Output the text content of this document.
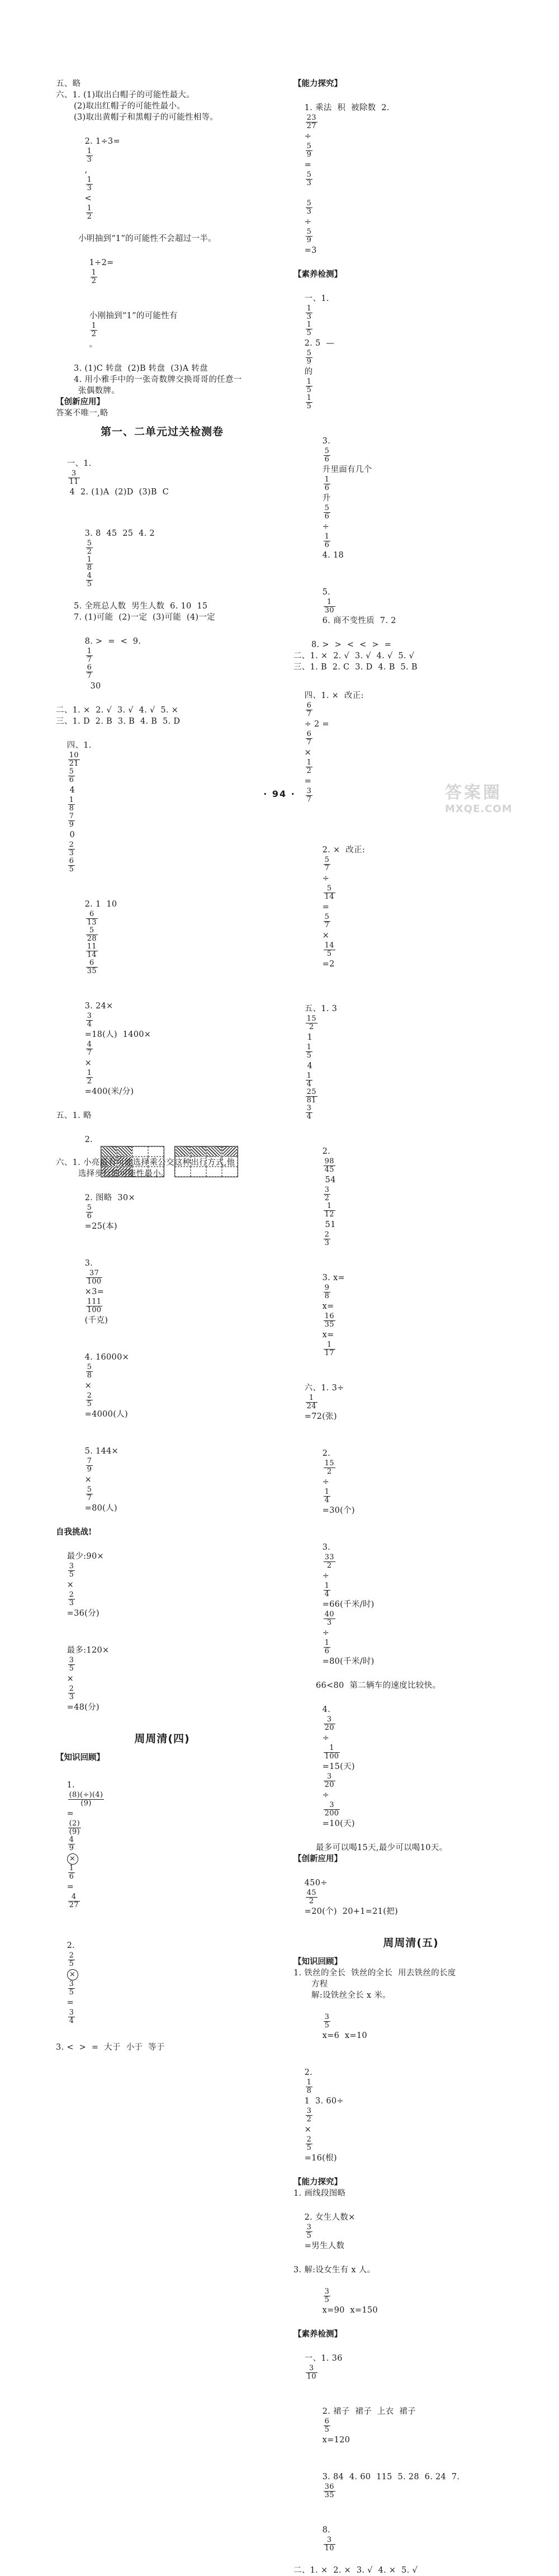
五、略
六、1. (1)取出白帽子的可能性最大。
(2)取出红帽子的可能性最小。
(3)取出黄帽子和黑帽子的可能性相等。

2. 1÷3=

$\frac{1}{3}$

,

$\frac{1}{3}$

<

$\frac{1}{2}$

小明抽到“1”的可能性不会超过一半。

1÷2=

$\frac{1}{2}$

小刚抽到“1”的可能性有

$\frac{1}{2}$

。

3. (1)C 转盘  (2)B 转盘  (3)A 转盘
4. 用小雅手中的一张奇数牌交换哥哥的任意一
张偶数牌。
【创新应用】
答案不唯一,略
第一、二单元过关检测卷

一、1.

$\frac{3}{11}$

4  2. (1)A  (2)D  (3)B  C

3. 8  45  25  4. 2

$\frac{5}{2}$

$\frac{1}{8}$

$\frac{4}{5}$

5. 全班总人数  男生人数  6. 10  15
7. (1)可能  (2)一定  (3)可能  (4)一定

8. >  =  <  9.

$\frac{1}{7}$

$\frac{6}{7}$

30

二、1. ×  2. √  3. √  4. √  5. ×
三、1. D  2. B  3. B  4. B  5. D

四、1.

$\frac{10}{21}$

$\frac{5}{6}$

4

$\frac{1}{8}$

$\frac{7}{9}$

0

$\frac{2}{3}$

$\frac{6}{5}$

2. 1  10

$\frac{6}{13}$

$\frac{5}{28}$

$\frac{11}{14}$

$\frac{6}{35}$

3. 24×

$\frac{3}{4}$

=18(人)  1400×

$\frac{4}{7}$

×

$\frac{1}{2}$

=400(米/分)

五、1. 略

2.

六、1. 小亮最有可能选择乘公交这种出行方式,他
选择步行的可能性最小。

2. 图略  30×

$\frac{5}{6}$

=25(本)

3.

$\frac{37}{100}$

×3=

$\frac{111}{100}$

(千克)

4. 16000×

$\frac{5}{8}$

×

$\frac{2}{5}$

=4000(人)

5. 144×

$\frac{7}{9}$

×

$\frac{5}{7}$

=80(人)

自我挑战!

最少:90×

$\frac{3}{5}$

×

$\frac{2}{3}$

=36(分)

最多:120×

$\frac{3}{5}$

×

$\frac{2}{3}$

=48(分)

周周清(四)
【知识回顾】

1.

$\frac{(8)(\div)(4)}{(9)}$

=

$\frac{(2)}{(9)}$

$\frac{4}{9}$

×

$\frac{1}{6}$

=

$\frac{4}{27}$

2.

$\frac{2}{5}$

×

$\frac{3}{5}$

=

$\frac{3}{4}$

3. <  >  =  大于  小于  等于
【能力探究】

1. 乘法  积  被除数  2.

$\frac{23}{27}$

÷

$\frac{5}{9}$

=

$\frac{5}{3}$

$\frac{5}{3}$

÷

$\frac{5}{9}$

=3

【素养检测】

一、1.

$\frac{1}{3}$

$\frac{1}{5}$

2. 5  —

$\frac{5}{9}$

的

$\frac{1}{5}$

$\frac{1}{5}$

3.

$\frac{5}{6}$

升里面有几个

$\frac{1}{6}$

升

$\frac{5}{6}$

÷

$\frac{1}{6}$

4. 18

5.

$\frac{1}{30}$

6. 商不变性质  7. 2

8. >  >  <  <  >  =
二、1. ×  2. √  3. √  4. √  5. √
三、1. B  2. C  3. D  4. B  5. B

四、1. ×  改正:

$\frac{6}{7}$

÷ 2 =

$\frac{6}{7}$

×

$\frac{1}{2}$

=

$\frac{3}{7}$

2. ×  改正:

$\frac{5}{7}$

÷

$\frac{5}{14}$

=

$\frac{5}{7}$

×

$\frac{14}{5}$

=2

五、1. 3

$\frac{15}{2}$

1

$\frac{1}{5}$

4

$\frac{1}{4}$

$\frac{25}{81}$

$\frac{3}{4}$

2.

$\frac{98}{45}$

54

$\frac{3}{2}$

$\frac{1}{12}$

51

$\frac{2}{3}$

3. x=

$\frac{9}{8}$

x=

$\frac{16}{35}$

x=

$\frac{1}{17}$

六、1. 3÷

$\frac{1}{24}$

=72(张)

2.

$\frac{15}{2}$

÷

$\frac{1}{4}$

=30(个)

3.

$\frac{33}{2}$

÷

$\frac{1}{4}$

=66(千米/时)

$\frac{40}{3}$

÷

$\frac{1}{6}$

=80(千米/时)

66<80  第二辆车的速度比较快。

4.

$\frac{3}{20}$

÷

$\frac{1}{100}$

=15(天)

$\frac{3}{20}$

÷

$\frac{3}{200}$

=10(天)

最多可以喝15天,最少可以喝10天。
【创新应用】

450÷

$\frac{45}{2}$

=20(个)  20+1=21(把)

周周清(五)
【知识回顾】
1. 铁丝的全长  铁丝的全长  用去铁丝的长度
方程
解:设铁丝全长 x 米。

$\frac{3}{5}$

x=6  x=10

2.

$\frac{1}{8}$

1  3. 60÷

$\frac{3}{2}$

×

$\frac{2}{5}$

=16(根)

【能力探究】
1. 画线段图略

2. 女生人数×

$\frac{3}{5}$

=男生人数

3. 解:设女生有 x 人。

$\frac{3}{5}$

x=90  x=150

【素养检测】

一、1. 36

$\frac{3}{10}$

2. 裙子  裙子  上衣  裙子

$\frac{6}{5}$

x=120

3. 84  4. 60  115  5. 28  6. 24  7.

$\frac{36}{35}$

8.

$\frac{3}{10}$

二、1. ×  2. ×  3. √  4. ×  5. √
· 94 ·	答案圈
MXQE.COM
